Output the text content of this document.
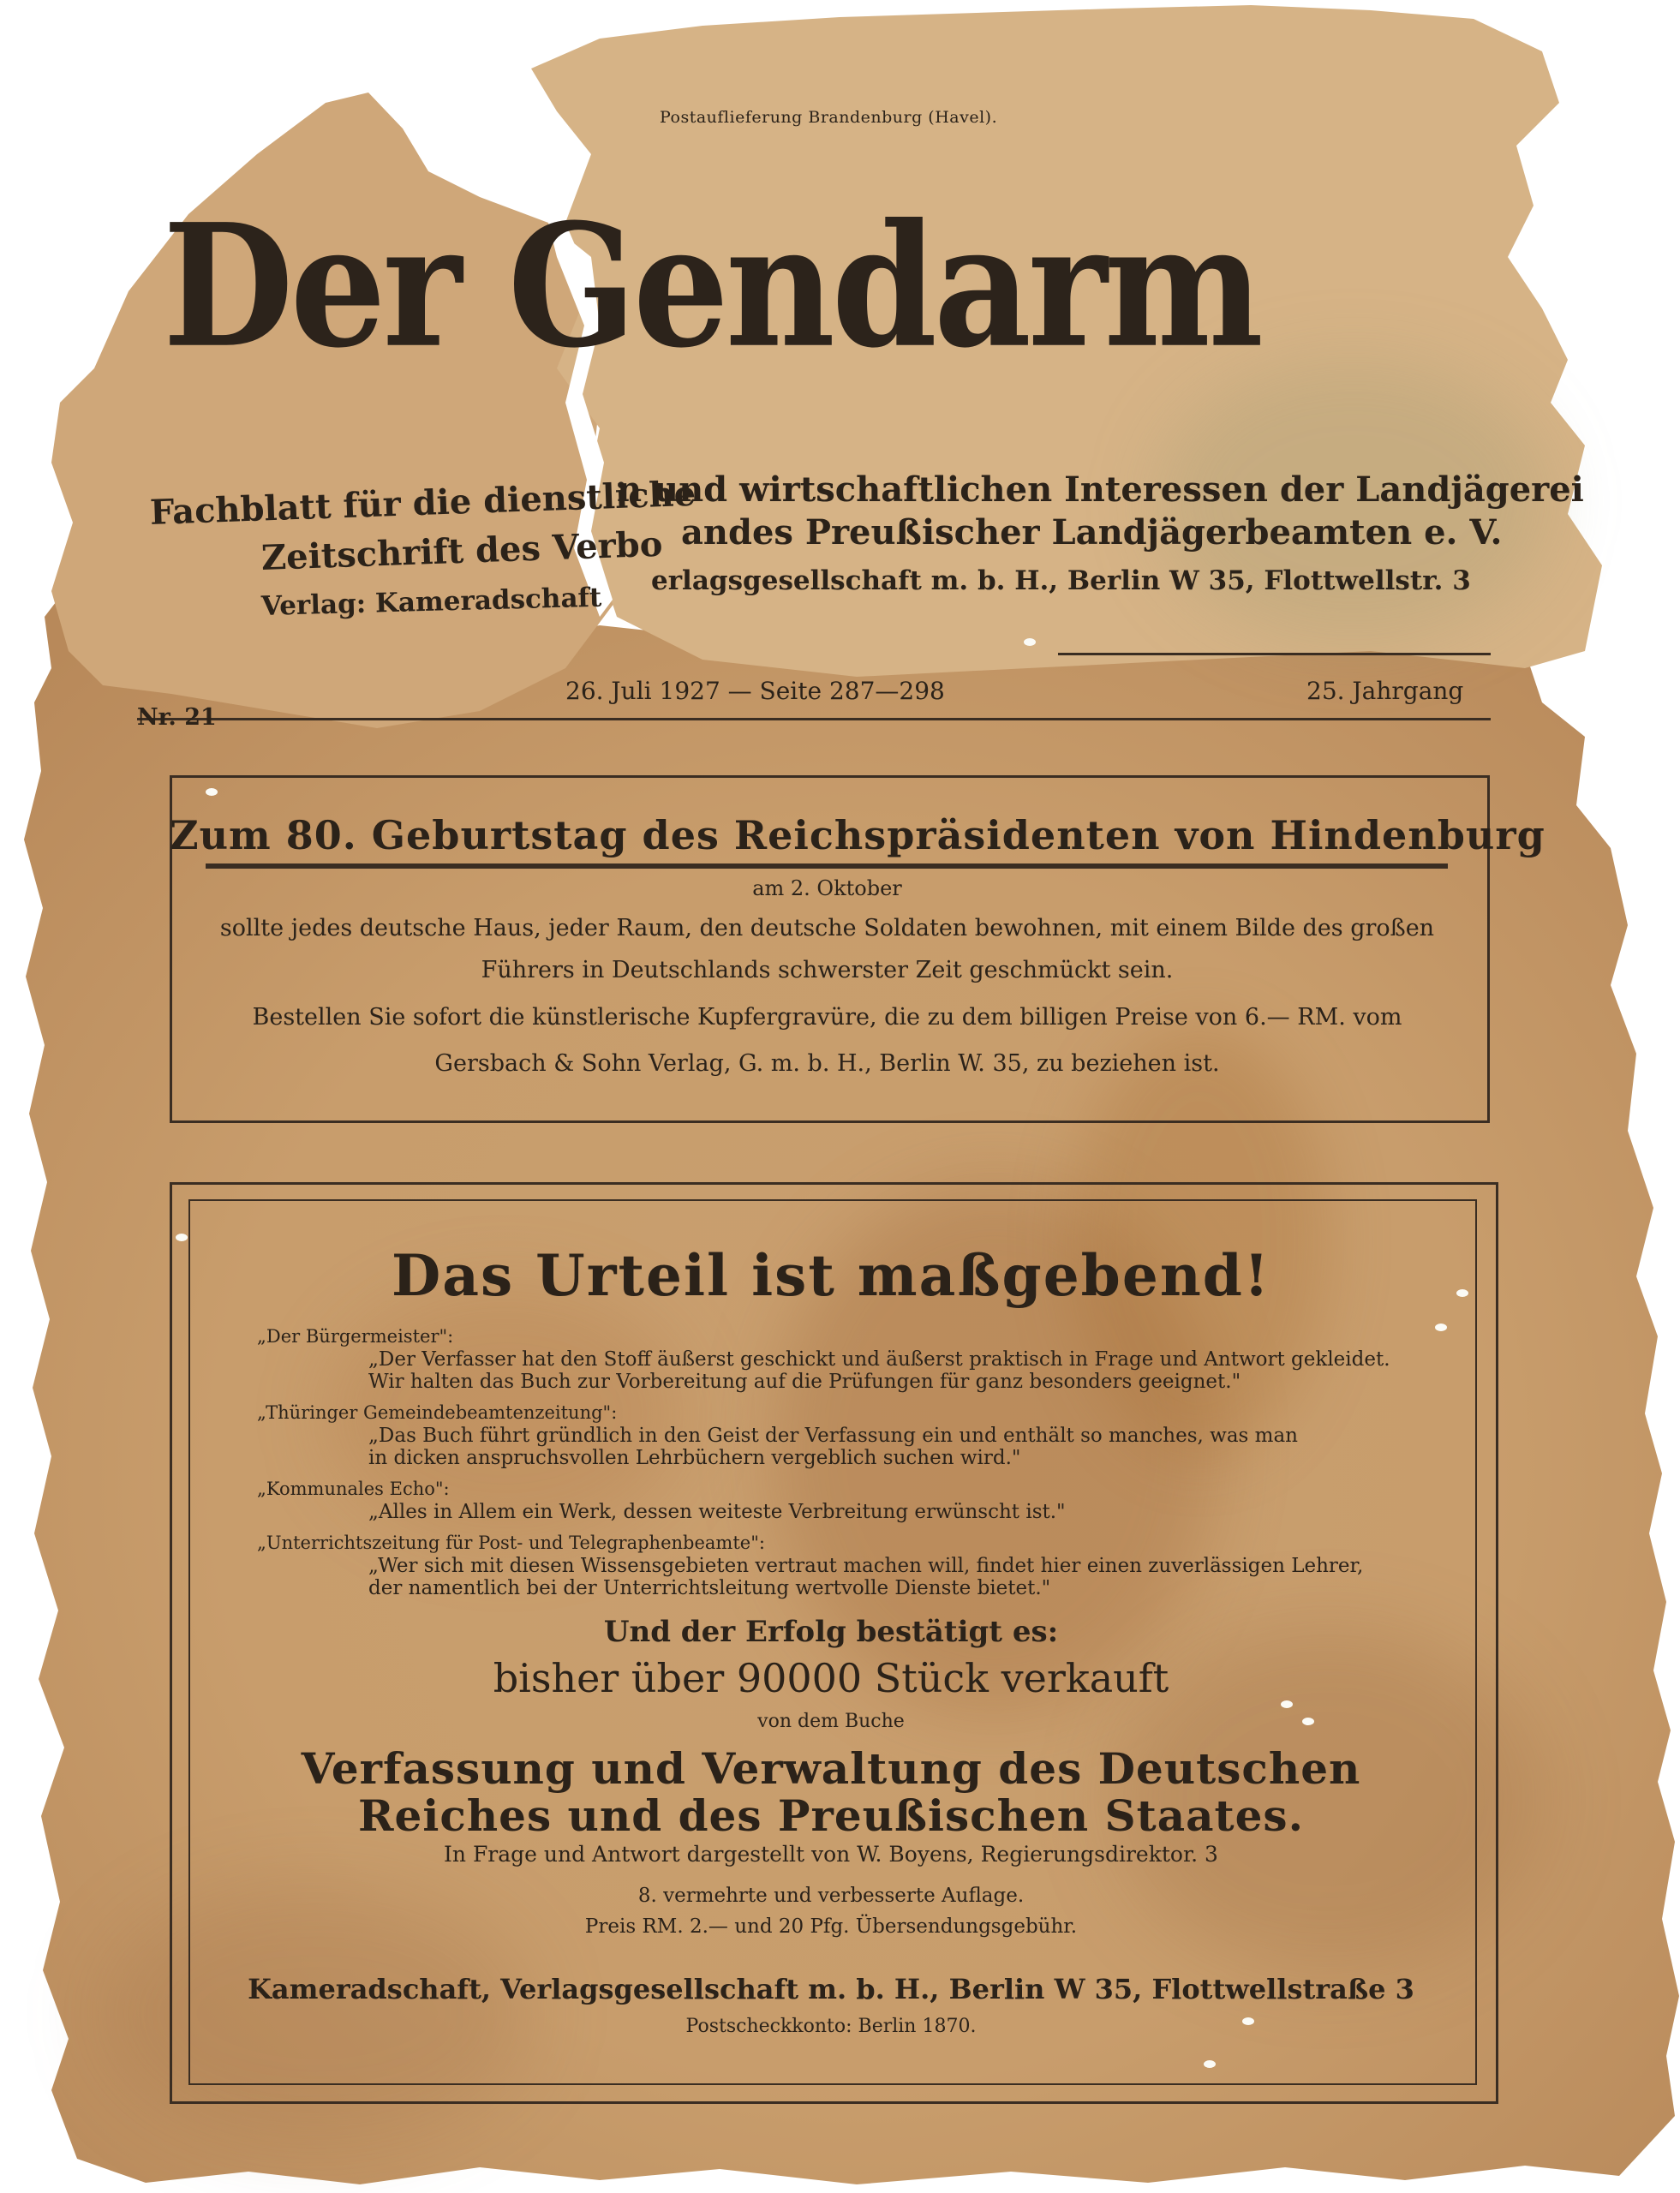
Postauflieferung Brandenburg (Havel).
Der Gendarm
Fachblatt für die dienstliche
n und wirtschaftlichen Interessen der Landjägerei
Zeitschrift des Verbo andes Preußischer Landjägerbeamten e. V.
Verlag: Kameradschaft
erlagsgesellschaft m. b. H., Berlin W 35, Flottwellstr. 3
Nr. 21
26. Juli 1927 — Seite 287—298	25. Jahrgang
Zum 80. Geburtstag des Reichspräsidenten von Hindenburg
am 2. Oktober
sollte jedes deutsche Haus, jeder Raum, den deutsche Soldaten bewohnen, mit einem Bilde des großen
Führers in Deutschlands schwerster Zeit geschmückt sein.
Bestellen Sie sofort die künstlerische Kupfergravüre, die zu dem billigen Preise von 6.— RM. vom
Gersbach & Sohn Verlag, G. m. b. H., Berlin W. 35, zu beziehen ist.
Das Urteil ist maßgebend!
„Der Bürgermeister":
„Der Verfasser hat den Stoff äußerst geschickt und äußerst praktisch in Frage und Antwort gekleidet.
Wir halten das Buch zur Vorbereitung auf die Prüfungen für ganz besonders geeignet."
„Thüringer Gemeindebeamtenzeitung":
„Das Buch führt gründlich in den Geist der Verfassung ein und enthält so manches, was man
in dicken anspruchsvollen Lehrbüchern vergeblich suchen wird."
„Kommunales Echo":
„Alles in Allem ein Werk, dessen weiteste Verbreitung erwünscht ist."
„Unterrichtszeitung für Post- und Telegraphenbeamte":
„Wer sich mit diesen Wissensgebieten vertraut machen will, findet hier einen zuverlässigen Lehrer,
der namentlich bei der Unterrichtsleitung wertvolle Dienste bietet."
Und der Erfolg bestätigt es:
bisher über 90000 Stück verkauft
von dem Buche
Verfassung und Verwaltung des Deutschen
Reiches und des Preußischen Staates.
In Frage und Antwort dargestellt von W. Boyens, Regierungsdirektor. 3
8. vermehrte und verbesserte Auflage.
Preis RM. 2.— und 20 Pfg. Übersendungsgebühr.
Kameradschaft, Verlagsgesellschaft m. b. H., Berlin W 35, Flottwellstraße 3
Postscheckkonto: Berlin 1870.
